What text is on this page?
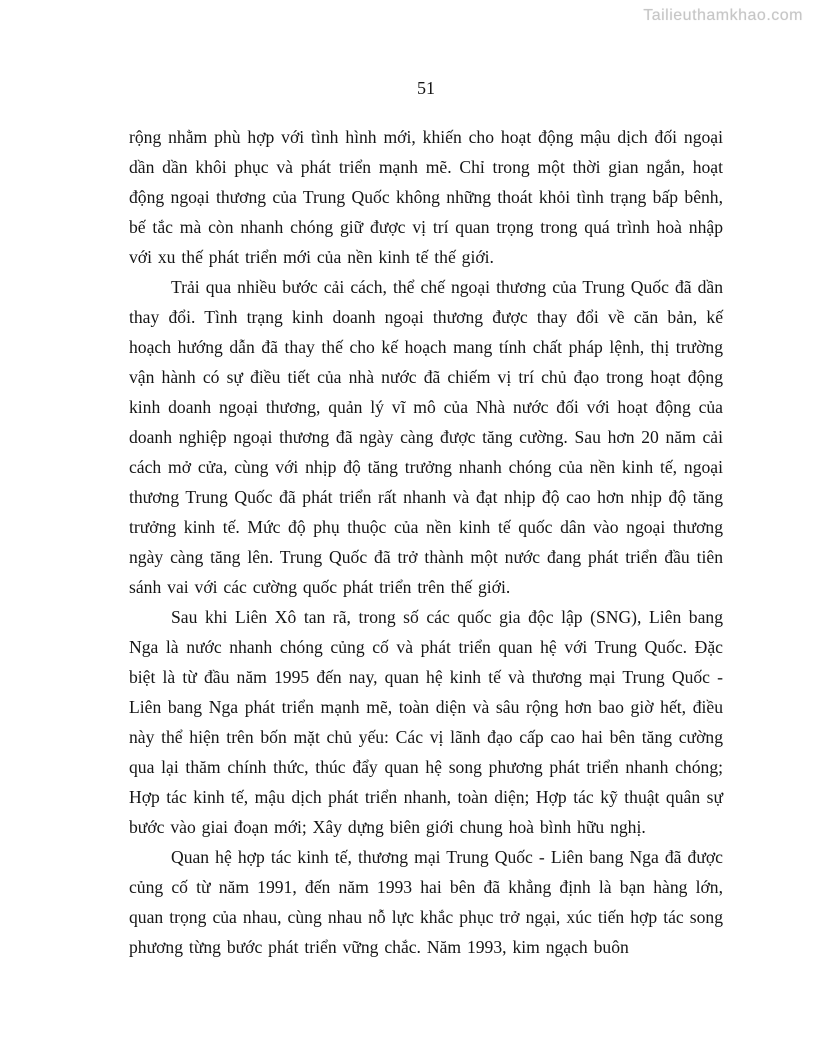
Tailieuthamkhao.com
51

rộng nhằm phù hợp với tình hình mới, khiến cho hoạt động mậu dịch đối ngoại dần dần khôi phục và phát triển mạnh mẽ. Chỉ trong một thời gian ngắn, hoạt động ngoại thương của Trung Quốc không những thoát khỏi tình trạng bấp bênh, bế tắc mà còn nhanh chóng giữ được vị trí quan trọng trong quá trình hoà nhập với xu thế phát triển mới của nền kinh tế thế giới.

Trải qua nhiều bước cải cách, thể chế ngoại thương của Trung Quốc đã dần thay đổi. Tình trạng kinh doanh ngoại thương được thay đổi về căn bản, kế hoạch hướng dẫn đã thay thế cho kế hoạch mang tính chất pháp lệnh, thị trường vận hành có sự điều tiết của nhà nước đã chiếm vị trí chủ đạo trong hoạt động kinh doanh ngoại thương, quản lý vĩ mô của Nhà nước đối với hoạt động của doanh nghiệp ngoại thương đã ngày càng được tăng cường. Sau hơn 20 năm cải cách mở cửa, cùng với nhịp độ tăng trưởng nhanh chóng của nền kinh tế, ngoại thương Trung Quốc đã phát triển rất nhanh và đạt nhịp độ cao hơn nhịp độ tăng trưởng kinh tế. Mức độ phụ thuộc của nền kinh tế quốc dân vào ngoại thương ngày càng tăng lên. Trung Quốc đã trở thành một nước đang phát triển đầu tiên sánh vai với các cường quốc phát triển trên thế giới.

Sau khi Liên Xô tan rã, trong số các quốc gia độc lập (SNG), Liên bang Nga là nước nhanh chóng củng cố và phát triển quan hệ với Trung Quốc. Đặc biệt là từ đầu năm 1995 đến nay, quan hệ kinh tế và thương mại Trung Quốc - Liên bang Nga phát triển mạnh mẽ, toàn diện và sâu rộng hơn bao giờ hết, điều này thể hiện trên bốn mặt chủ yếu: Các vị lãnh đạo cấp cao hai bên tăng cường qua lại thăm chính thức, thúc đẩy quan hệ song phương phát triển nhanh chóng; Hợp tác kinh tế, mậu dịch phát triển nhanh, toàn diện; Hợp tác kỹ thuật quân sự bước vào giai đoạn mới; Xây dựng biên giới chung hoà bình hữu nghị.

Quan hệ hợp tác kinh tế, thương mại Trung Quốc - Liên bang Nga đã được củng cố từ năm 1991, đến năm 1993 hai bên đã khẳng định là bạn hàng lớn, quan trọng của nhau, cùng nhau nỗ lực khắc phục trở ngại, xúc tiến hợp tác song phương từng bước phát triển vững chắc. Năm 1993, kim ngạch buôn
